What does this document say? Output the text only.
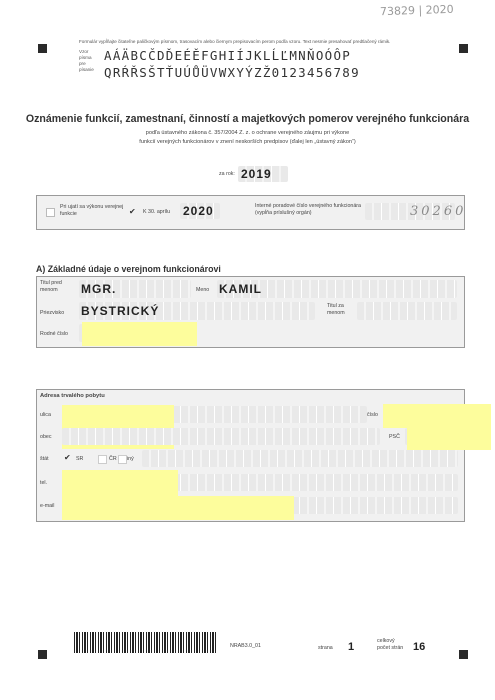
73829 | 2020
Formulár vypĺňajte čitateľne paličkovým písmom, trasovacím alebo čiernym prepisovacím perom podľa vzoru. Text nesmie presahovať predtlačený rámik.
Vzor písma pre písanie
AÁÄBCČDĎEÉĚFGHIÍJKLĹĽMNŇOÓÔP
QRŔŘSŠTŤUÚŮÜVWXYÝZŽ0123456789
Oznámenie funkcií, zamestnaní, činností a majetkových pomerov verejného funkcionára
podľa ústavného zákona č. 357/2004 Z. z. o ochrane verejného záujmu pri výkone
funkcií verejných funkcionárov v znení neskorších predpisov (ďalej len „ústavný zákon“)
za rok: 2019
Pri ujatí sa výkonu verejnej funkcie	✔ K 30. aprílu 2020	Interné poradové číslo verejného funkcionára (vypĺňa príslušný orgán)	30260
A) Základné údaje o verejnom funkcionárovi
Titul pred menom	MGR.	Meno KAMIL
Priezvisko BYSTRICKÝ	Titul za menom
Rodné číslo
Adresa trvalého pobytu
ulica	číslo
obec	PSČ
štát ✔ SR	ČR iný
tel.
e-mail
NRAB3.0_01	strana 1	celkový počet strán 16
